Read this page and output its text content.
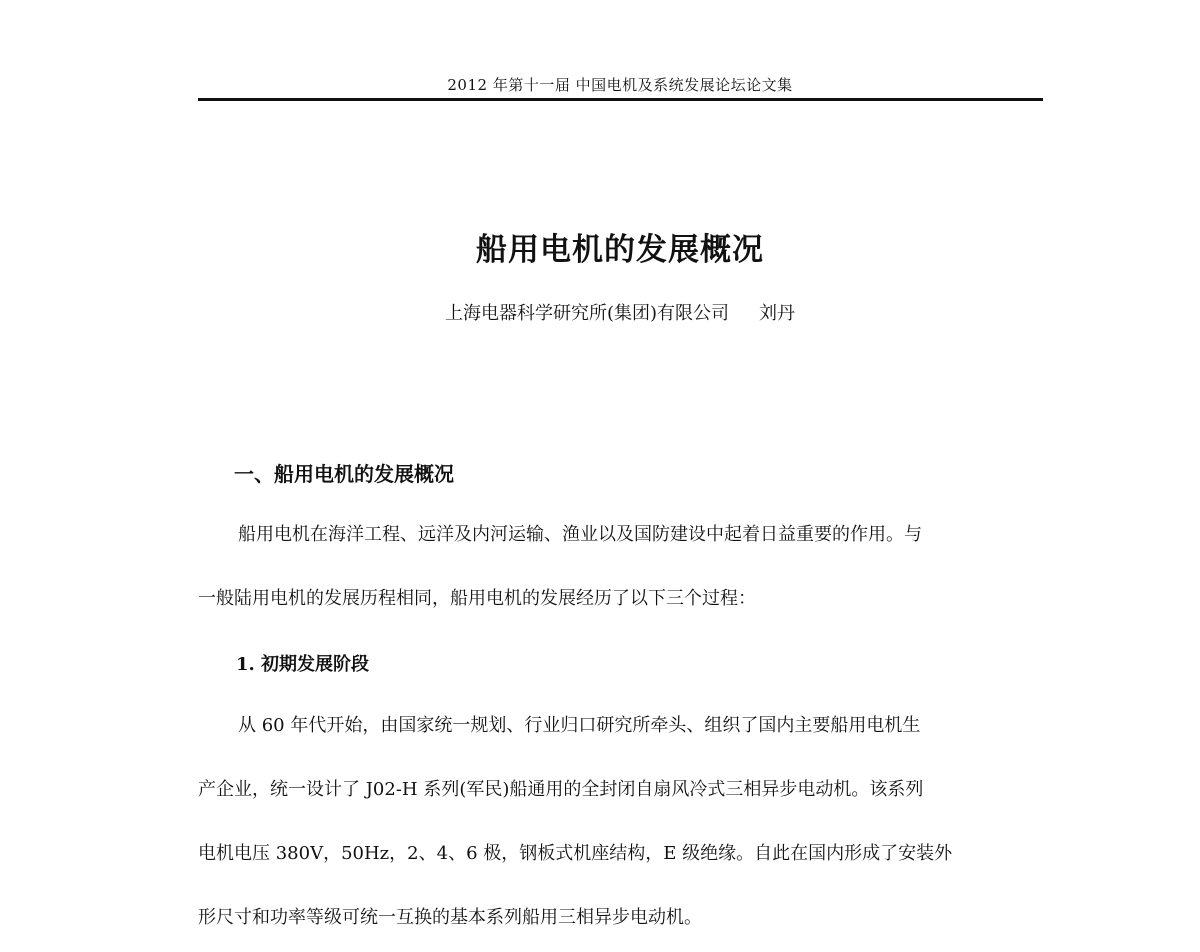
2012 年第十一届 中国电机及系统发展论坛论文集
船用电机的发展概况
上海电器科学研究所(集团)有限公司 刘丹
一、船用电机的发展概况
船用电机在海洋工程、远洋及内河运输、渔业以及国防建设中起着日益重要的作用。与
一般陆用电机的发展历程相同，船用电机的发展经历了以下三个过程：
1. 初期发展阶段
从 60 年代开始，由国家统一规划、行业归口研究所牵头、组织了国内主要船用电机生
产企业，统一设计了 J02-H 系列(军民)船通用的全封闭自扇风冷式三相异步电动机。该系列
电机电压 380V，50Hz，2、4、6 极，钢板式机座结构，E 级绝缘。自此在国内形成了安装外
形尺寸和功率等级可统一互换的基本系列船用三相异步电动机。
